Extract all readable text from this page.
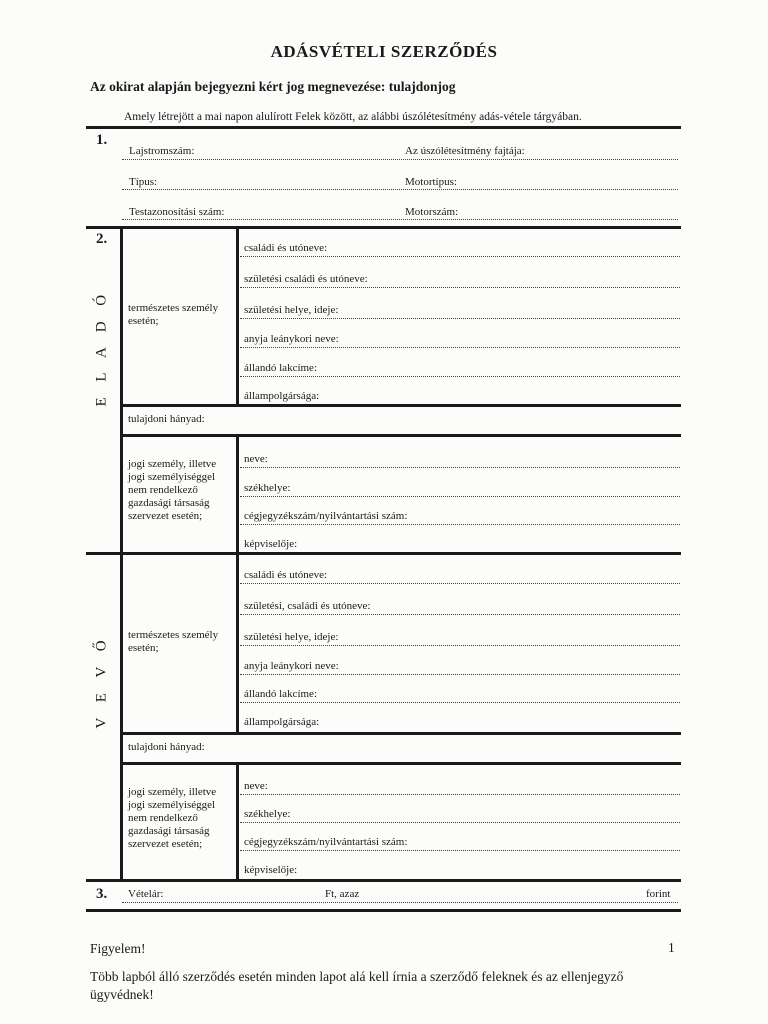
ADÁSVÉTELI SZERZŐDÉS
Az okirat alapján bejegyezni kért jog megnevezése: tulajdonjog
Amely létrejött a mai napon alulírott Felek között, az alábbi úszólétesítmény adás-vétele tárgyában.
1.
Lajstromszám:	Az úszólétesítmény fajtája:
Típus:	Motortípus:
Testazonosítási szám:	Motorszám:
2.
E L A D Ó természetes személy esetén;
családi és utóneve:
születési családi és utóneve:
születési helye, ideje:
anyja leánykori neve:
állandó lakcíme:
állampolgársága:
tulajdoni hányad:
jogi személy, illetve jogi személyiséggel nem rendelkező gazdasági társaság szervezet esetén;
neve:
székhelye:
cégjegyzékszám/nyilvántartási szám:
képviselője:
V E V Ő természetes személy esetén;
családi és utóneve:
születési, családi és utóneve:
születési helye, ideje:
anyja leánykori neve:
állandó lakcíme:
állampolgársága:
tulajdoni hányad:
jogi személy, illetve jogi személyiséggel nem rendelkező gazdasági társaság szervezet esetén;
neve:
székhelye:
cégjegyzékszám/nyilvántartási szám:
képviselője:
3. Vételár:	Ft, azaz	forint
Figyelem!	1
Több lapból álló szerződés esetén minden lapot alá kell írnia a szerződő feleknek és az ellenjegyző ügyvédnek!
